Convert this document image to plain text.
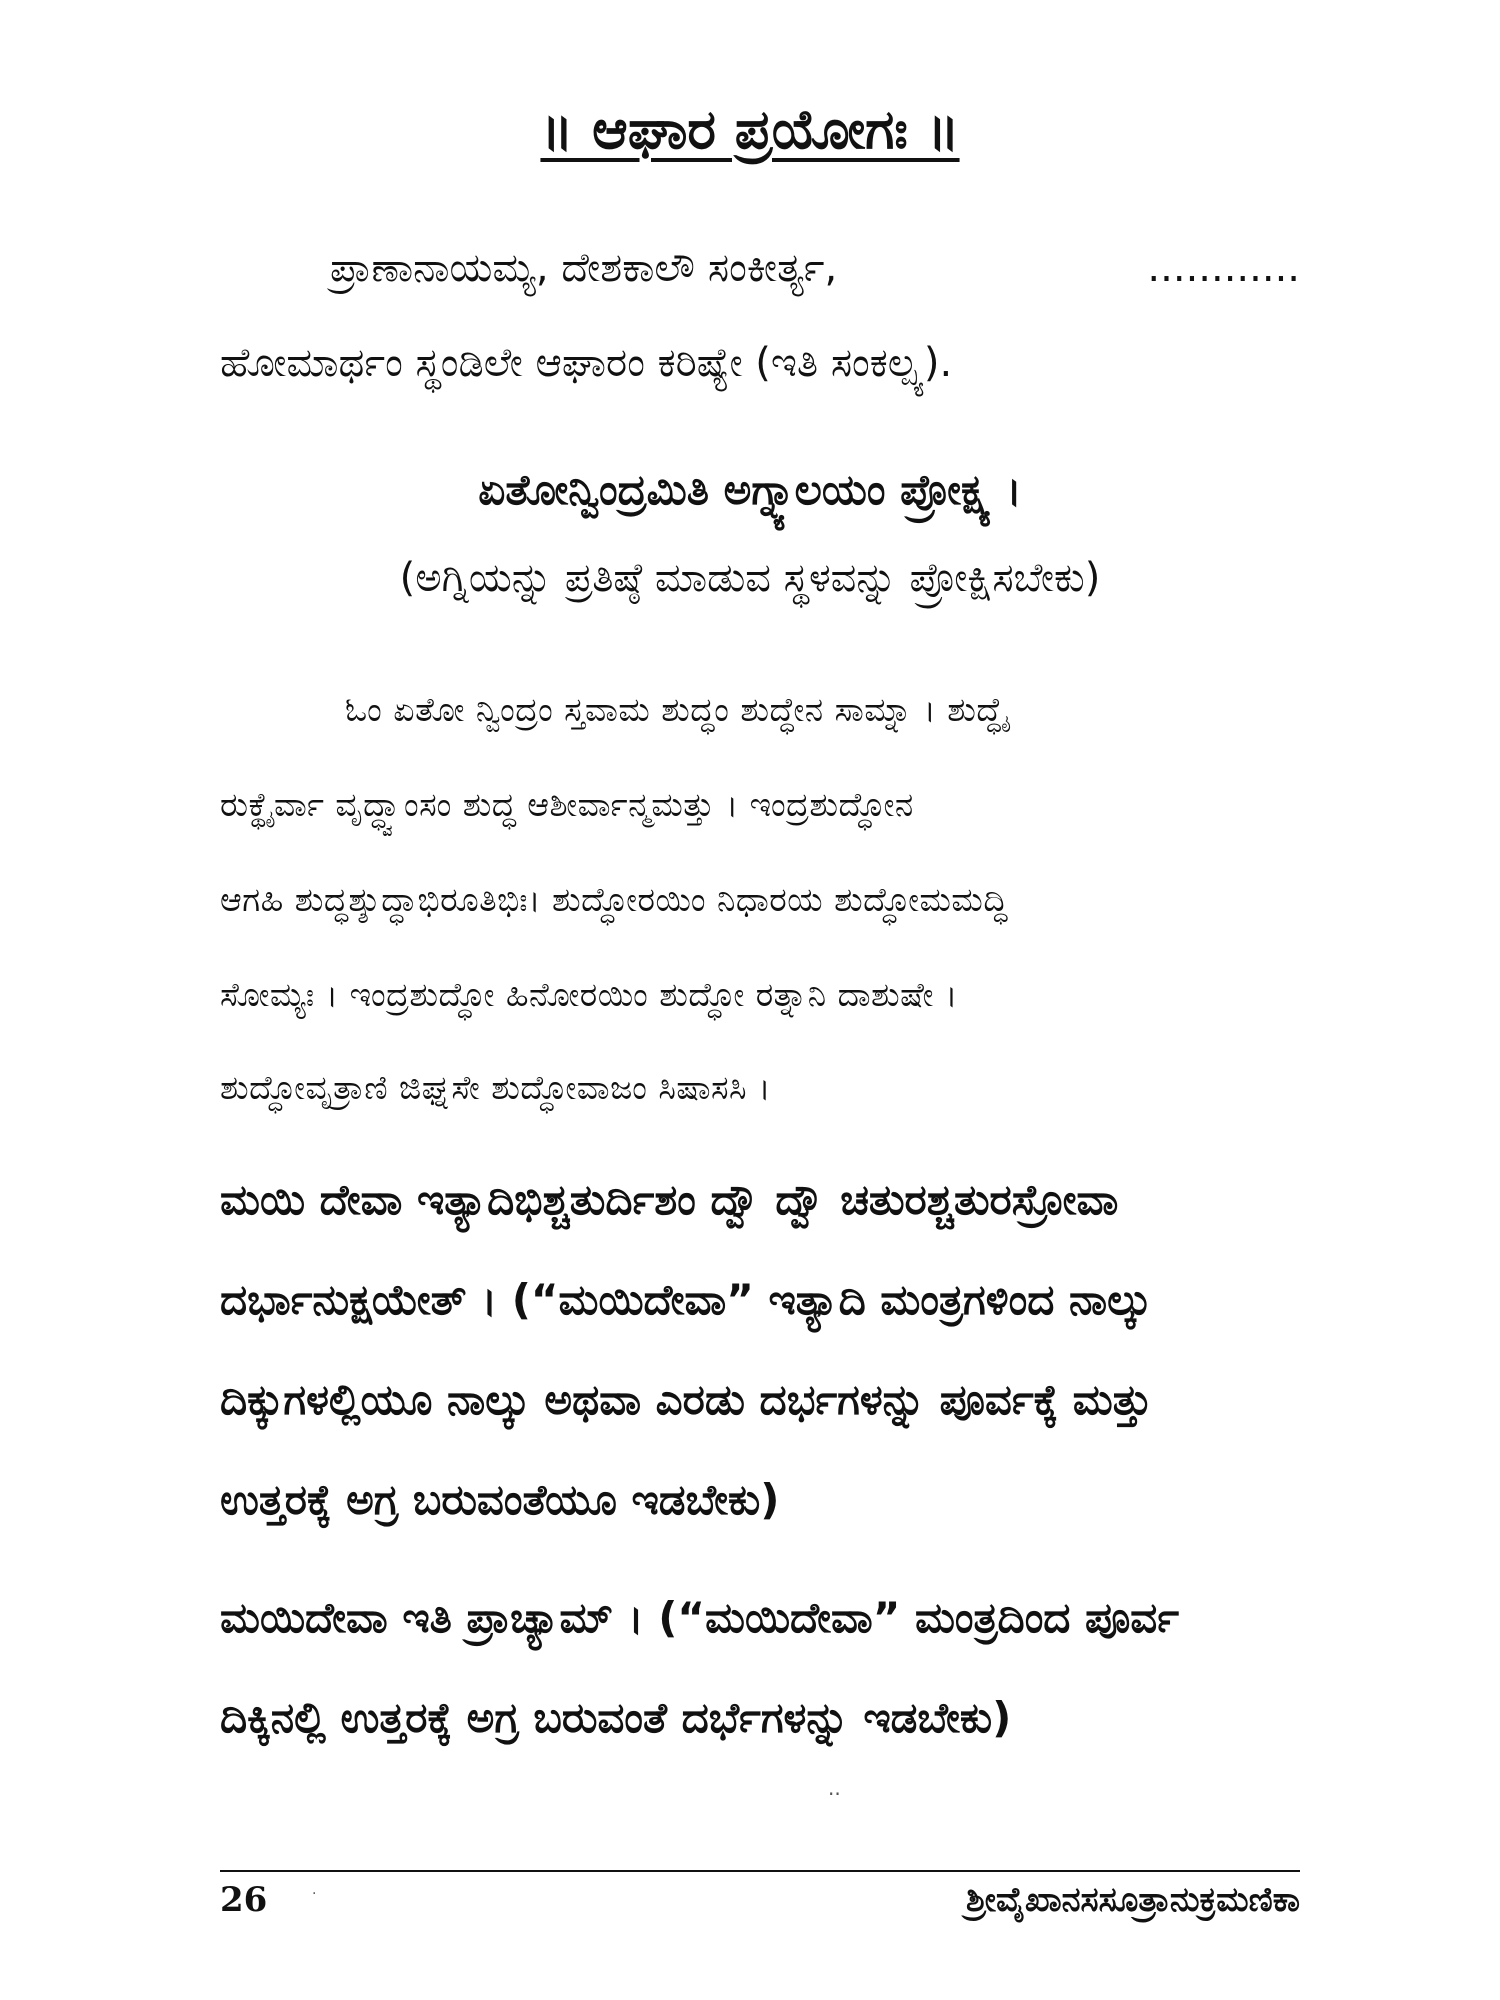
॥ ಆಘಾರ ಪ್ರಯೋಗಃ ॥
ಪ್ರಾಣಾನಾಯಮ್ಯ, ದೇಶಕಾಲೌ ಸಂಕೀರ್ತ್ಯ,	............
ಹೋಮಾರ್ಥಂ ಸ್ಥಂಡಿಲೇ ಆಘಾರಂ ಕರಿಷ್ಯೇ (ಇತಿ ಸಂಕಲ್ಪ್ಯ).
ಏತೋನ್ವಿಂದ್ರಮಿತಿ ಅಗ್ನ್ಯಾಲಯಂ ಪ್ರೋಕ್ಷ್ಯ ।
(ಅಗ್ನಿಯನ್ನು ಪ್ರತಿಷ್ಠೆ ಮಾಡುವ ಸ್ಥಳವನ್ನು ಪ್ರೋಕ್ಷಿಸಬೇಕು)
ಓಂ ಏತೋ ನ್ವಿಂದ್ರಂ ಸ್ತವಾಮ ಶುದ್ಧಂ ಶುದ್ಧೇನ ಸಾಮ್ನಾ । ಶುದ್ಧೈ
ರುಕ್ಥೈರ್ವಾ ವೃದ್ಧ್ವಾಂಸಂ ಶುದ್ಧ ಆಶೀರ್ವಾನ್ಮಮತ್ತು । ಇಂದ್ರಶುದ್ಧೋನ
ಆಗಹಿ ಶುದ್ಧಶ್ಶುದ್ಧಾಭಿರೂತಿಭಿಃ। ಶುದ್ಧೋರಯಿಂ ನಿಧಾರಯ ಶುದ್ಧೋಮಮದ್ಧಿ
ಸೋಮ್ಯಃ । ಇಂದ್ರಶುದ್ಧೋ ಹಿನೋರಯಿಂ ಶುದ್ಧೋ ರತ್ನಾನಿ ದಾಶುಷೇ ।
ಶುದ್ಧೋವೃತ್ರಾಣಿ ಜಿಘ್ನಸೇ ಶುದ್ಧೋವಾಜಂ ಸಿಷಾಸಸಿ ।
ಮಯಿ ದೇವಾ ಇತ್ಯಾದಿಭಿಶ್ಚತುರ್ದಿಶಂ ದ್ವೌ ದ್ವೌ ಚತುರಶ್ಚತುರಸ್ರೋವಾ
ದರ್ಭಾನುಕ್ಷಯೇತ್ । (“ಮಯಿದೇವಾ” ಇತ್ಯಾದಿ ಮಂತ್ರಗಳಿಂದ ನಾಲ್ಕು
ದಿಕ್ಕುಗಳಲ್ಲಿಯೂ ನಾಲ್ಕು ಅಥವಾ ಎರಡು ದರ್ಭಗಳನ್ನು ಪೂರ್ವಕ್ಕೆ ಮತ್ತು
ಉತ್ತರಕ್ಕೆ ಅಗ್ರ ಬರುವಂತೆಯೂ ಇಡಬೇಕು)
ಮಯಿದೇವಾ ಇತಿ ಪ್ರಾಚ್ಯಾಮ್ । (“ಮಯಿದೇವಾ” ಮಂತ್ರದಿಂದ ಪೂರ್ವ
ದಿಕ್ಕಿನಲ್ಲಿ ಉತ್ತರಕ್ಕೆ ಅಗ್ರ ಬರುವಂತೆ ದರ್ಭೆಗಳನ್ನು ಇಡಬೇಕು)
··
26	·	ಶ್ರೀವೈಖಾನಸಸೂತ್ರಾನುಕ್ರಮಣಿಕಾ
